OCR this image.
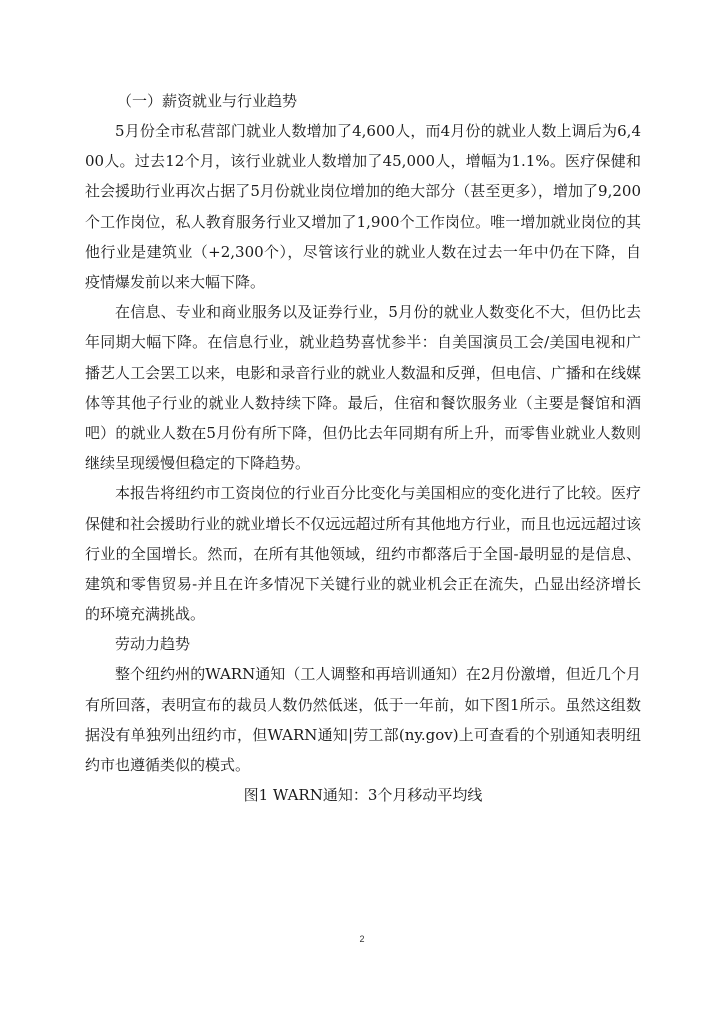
（一）薪资就业与行业趋势

5月份全市私营部门就业人数增加了4,600人，而4月份的就业人数上调后为6,400人。过去12个月，该行业就业人数增加了45,000人，增幅为1.1%。医疗保健和社会援助行业再次占据了5月份就业岗位增加的绝大部分（甚至更多），增加了9,200个工作岗位，私人教育服务行业又增加了1,900个工作岗位。唯一增加就业岗位的其他行业是建筑业（+2,300个），尽管该行业的就业人数在过去一年中仍在下降，自疫情爆发前以来大幅下降。

在信息、专业和商业服务以及证券行业，5月份的就业人数变化不大，但仍比去年同期大幅下降。在信息行业，就业趋势喜忧参半：自美国演员工会/美国电视和广播艺人工会罢工以来，电影和录音行业的就业人数温和反弹，但电信、广播和在线媒体等其他子行业的就业人数持续下降。最后，住宿和餐饮服务业（主要是餐馆和酒吧）的就业人数在5月份有所下降，但仍比去年同期有所上升，而零售业就业人数则继续呈现缓慢但稳定的下降趋势。

本报告将纽约市工资岗位的行业百分比变化与美国相应的变化进行了比较。医疗保健和社会援助行业的就业增长不仅远远超过所有其他地方行业，而且也远远超过该行业的全国增长。然而，在所有其他领域，纽约市都落后于全国-最明显的是信息、建筑和零售贸易-并且在许多情况下关键行业的就业机会正在流失，凸显出经济增长的环境充满挑战。

劳动力趋势

整个纽约州的WARN通知（工人调整和再培训通知）在2月份激增，但近几个月有所回落，表明宣布的裁员人数仍然低迷，低于一年前，如下图1所示。虽然这组数据没有单独列出纽约市，但WARN通知|劳工部(ny.gov)上可查看的个别通知表明纽约市也遵循类似的模式。

图1 WARN通知：3个月移动平均线

2
